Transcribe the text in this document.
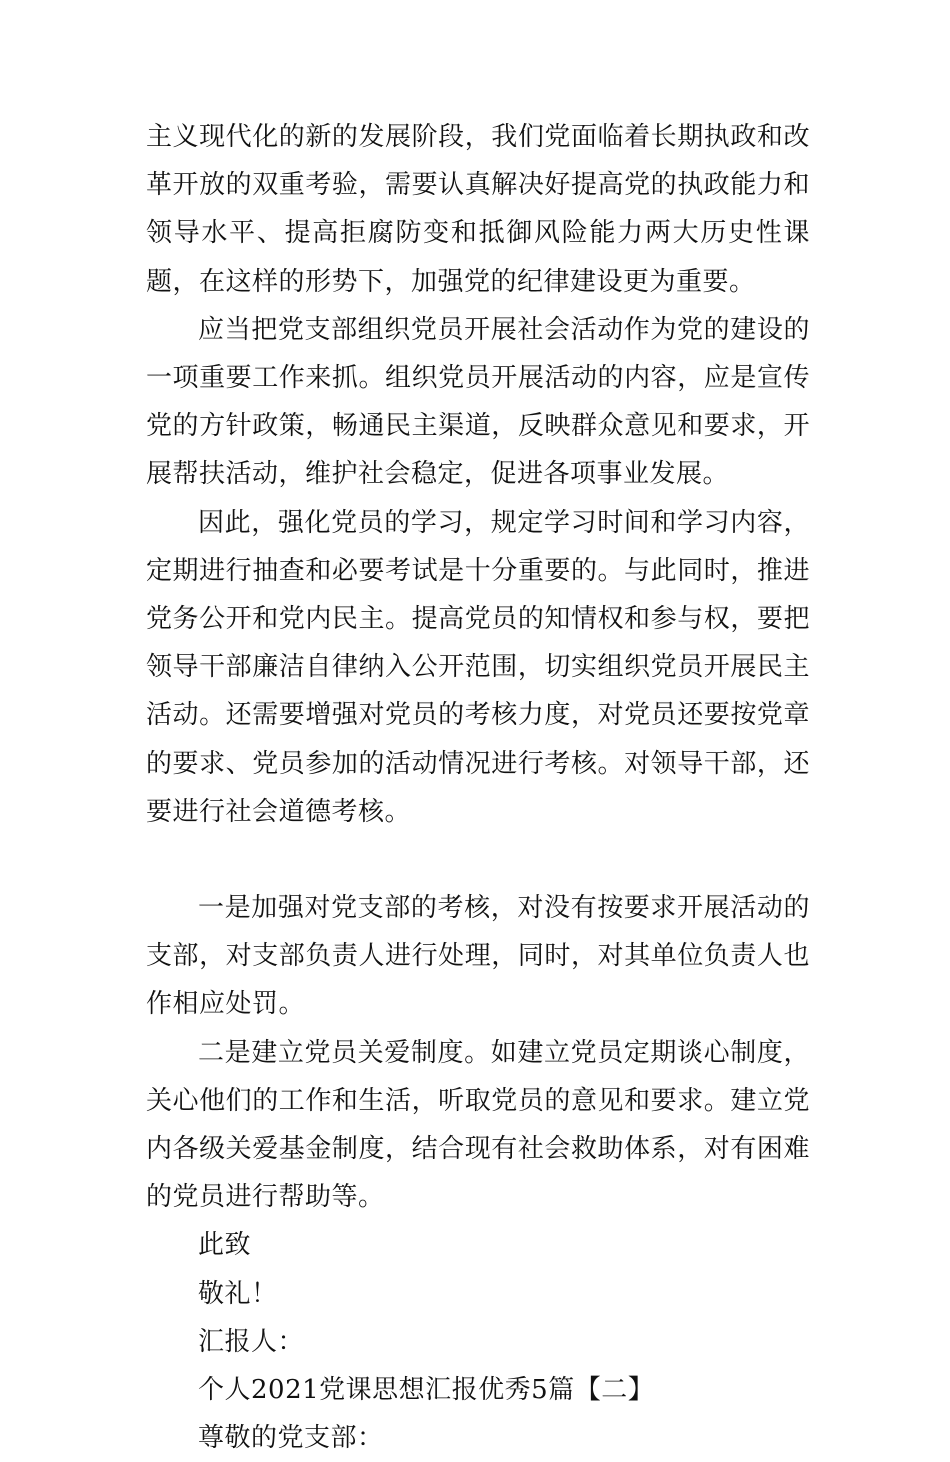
主义现代化的新的发展阶段，我们党面临着长期执政和改革开放的双重考验，需要认真解决好提高党的执政能力和领导水平、提高拒腐防变和抵御风险能力两大历史性课题，在这样的形势下，加强党的纪律建设更为重要。

应当把党支部组织党员开展社会活动作为党的建设的一项重要工作来抓。组织党员开展活动的内容，应是宣传党的方针政策，畅通民主渠道，反映群众意见和要求，开展帮扶活动，维护社会稳定，促进各项事业发展。

因此，强化党员的学习，规定学习时间和学习内容，定期进行抽查和必要考试是十分重要的。与此同时，推进党务公开和党内民主。提高党员的知情权和参与权，要把领导干部廉洁自律纳入公开范围，切实组织党员开展民主活动。还需要增强对党员的考核力度，对党员还要按党章的要求、党员参加的活动情况进行考核。对领导干部，还要进行社会道德考核。

一是加强对党支部的考核，对没有按要求开展活动的支部，对支部负责人进行处理，同时，对其单位负责人也作相应处罚。

二是建立党员关爱制度。如建立党员定期谈心制度，关心他们的工作和生活，听取党员的意见和要求。建立党内各级关爱基金制度，结合现有社会救助体系，对有困难的党员进行帮助等。

此致

敬礼！

汇报人：

个人2021党课思想汇报优秀5篇【二】

尊敬的党支部：
